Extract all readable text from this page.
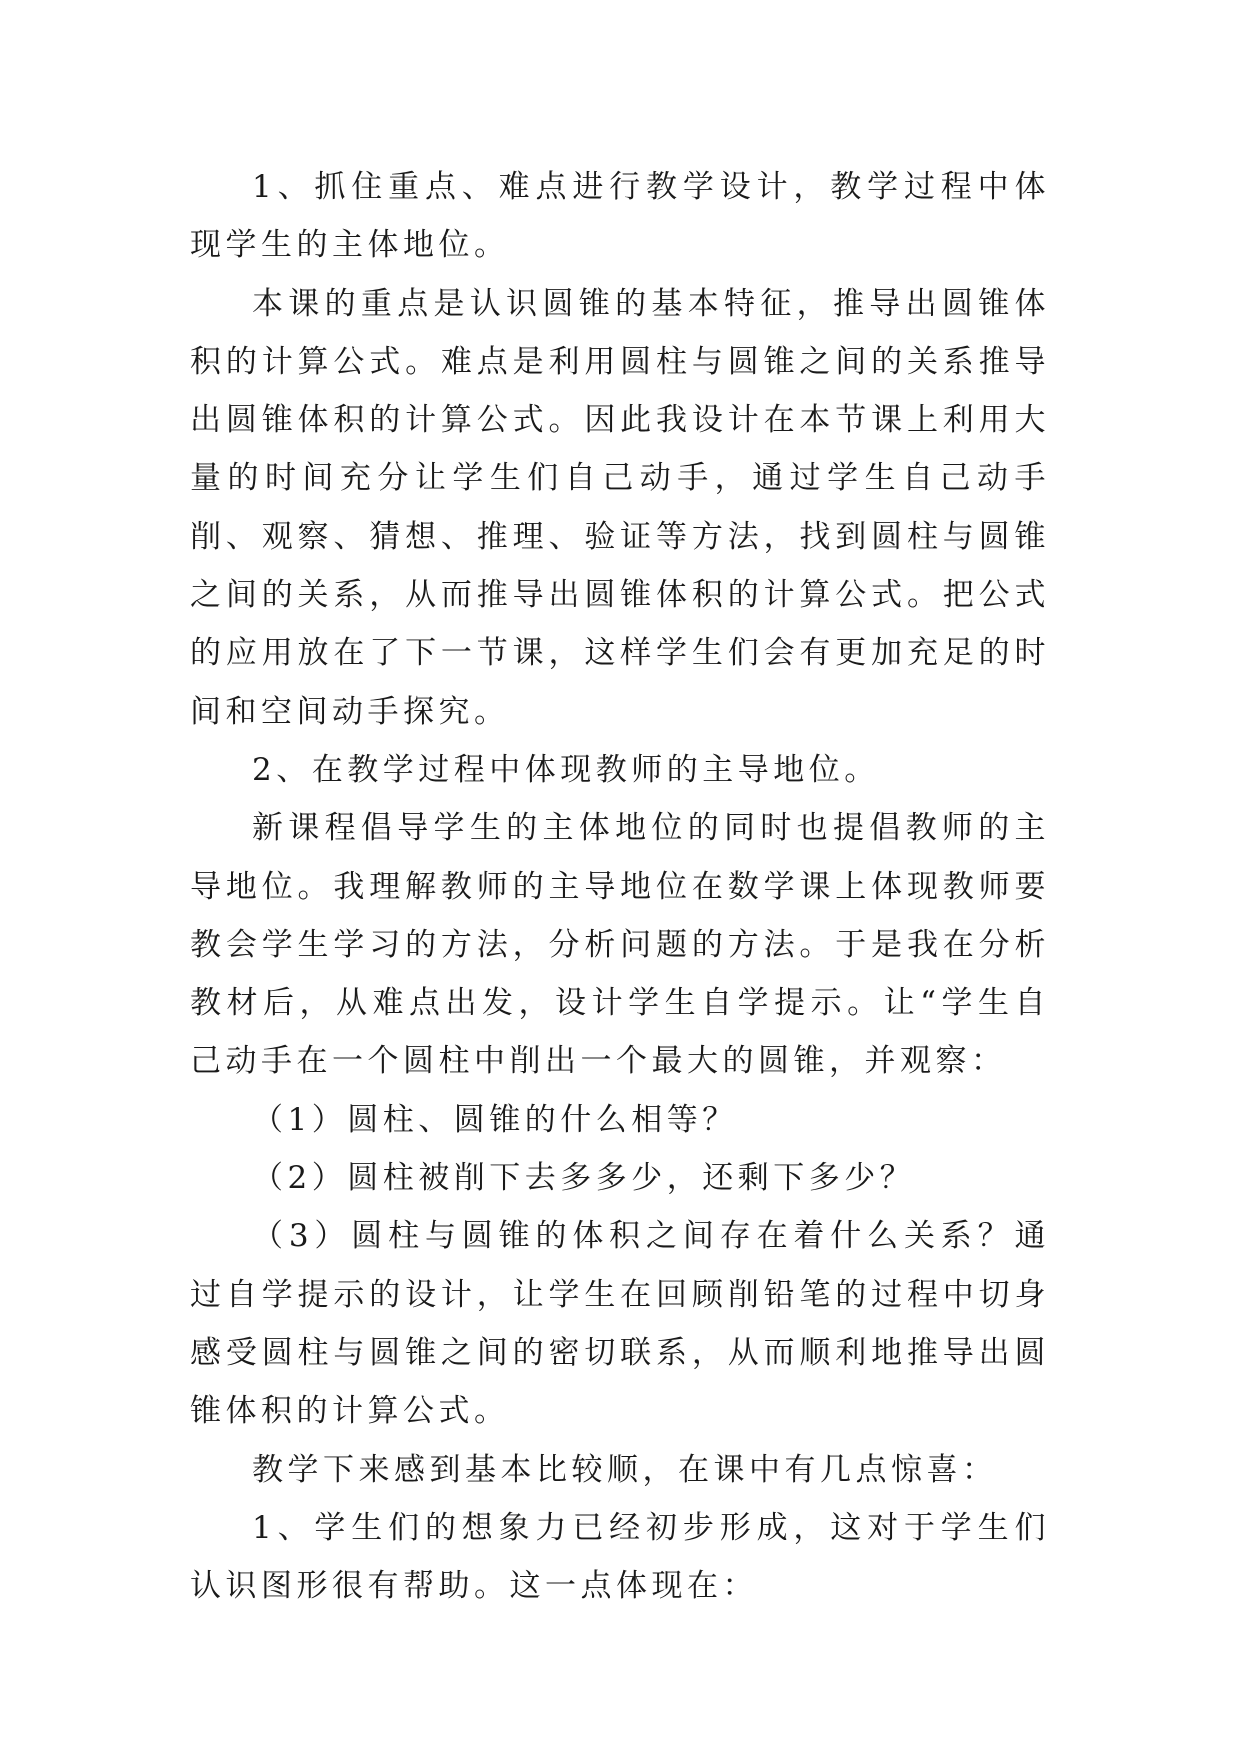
1、抓住重点、难点进行教学设计，教学过程中体现学生的主体地位。

本课的重点是认识圆锥的基本特征，推导出圆锥体积的计算公式。难点是利用圆柱与圆锥之间的关系推导出圆锥体积的计算公式。因此我设计在本节课上利用大量的时间充分让学生们自己动手，通过学生自己动手削、观察、猜想、推理、验证等方法，找到圆柱与圆锥之间的关系，从而推导出圆锥体积的计算公式。把公式的应用放在了下一节课，这样学生们会有更加充足的时间和空间动手探究。

2、在教学过程中体现教师的主导地位。

新课程倡导学生的主体地位的同时也提倡教师的主导地位。我理解教师的主导地位在数学课上体现教师要教会学生学习的方法，分析问题的方法。于是我在分析教材后，从难点出发，设计学生自学提示。让“学生自己动手在一个圆柱中削出一个最大的圆锥，并观察：

（1）圆柱、圆锥的什么相等？

（2）圆柱被削下去多多少，还剩下多少？

（3）圆柱与圆锥的体积之间存在着什么关系？通过自学提示的设计，让学生在回顾削铅笔的过程中切身感受圆柱与圆锥之间的密切联系，从而顺利地推导出圆锥体积的计算公式。

教学下来感到基本比较顺，在课中有几点惊喜：

1、学生们的想象力已经初步形成，这对于学生们认识图形很有帮助。这一点体现在：
